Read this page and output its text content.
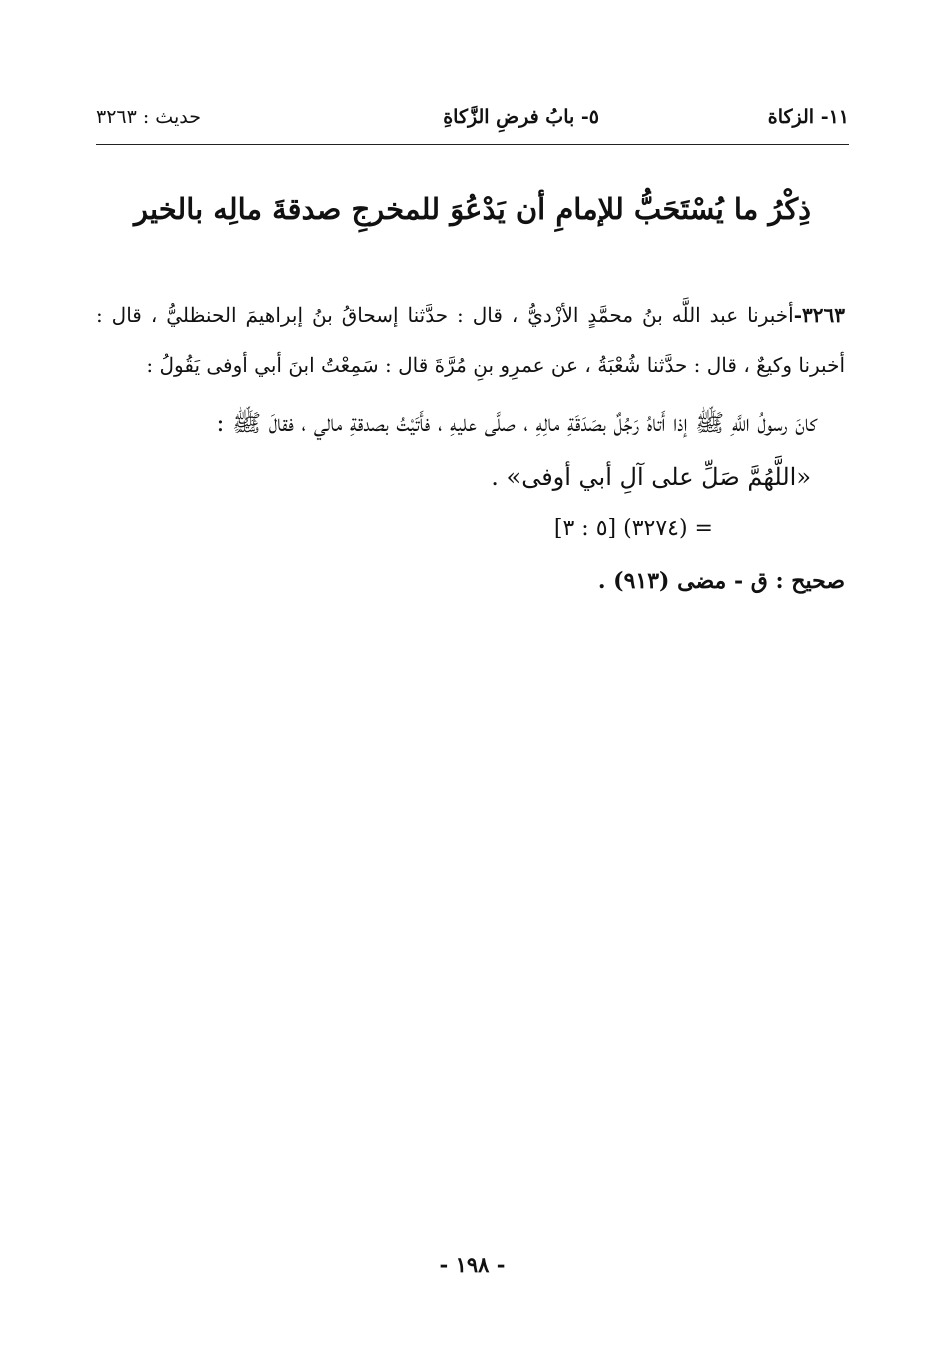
١١- الزكاة
٥- بابُ فرضِ الزَّكاةِ
حديث : ٣٢٦٣
ذِكْرُ ما يُسْتَحَبُّ للإمامِ أن يَدْعُوَ للمخرجِ صدقةَ مالِه بالخير

٣٢٦٣-أخبرنا عبد اللَّه بنُ محمَّدٍ الأزْديُّ ، قال : حدَّثنا إسحاقُ بنُ إبراهيمَ الحنظليُّ ، قال : أخبرنا وكيعٌ ، قال : حدَّثنا شُعْبَةُ ، عن عمرِو بنِ مُرَّةَ قال : سَمِعْتُ ابنَ أبي أوفى يَقُولُ :

كانَ رسولُ اللَّهِ ﷺ إذا أَتاهُ رَجُلٌ بصَدَقَةِ مالِهِ ، صلَّى عليهِ ، فأَتَيْتُ بصدقةِ مالي ، فقالَ ﷺ :

«اللَّهُمَّ صَلِّ على آلِ أبي أوفى» .

= (٣٢٧٤) [٥ : ٣]

صحيح : ق - مضى (٩١٣) .

- ١٩٨ -
